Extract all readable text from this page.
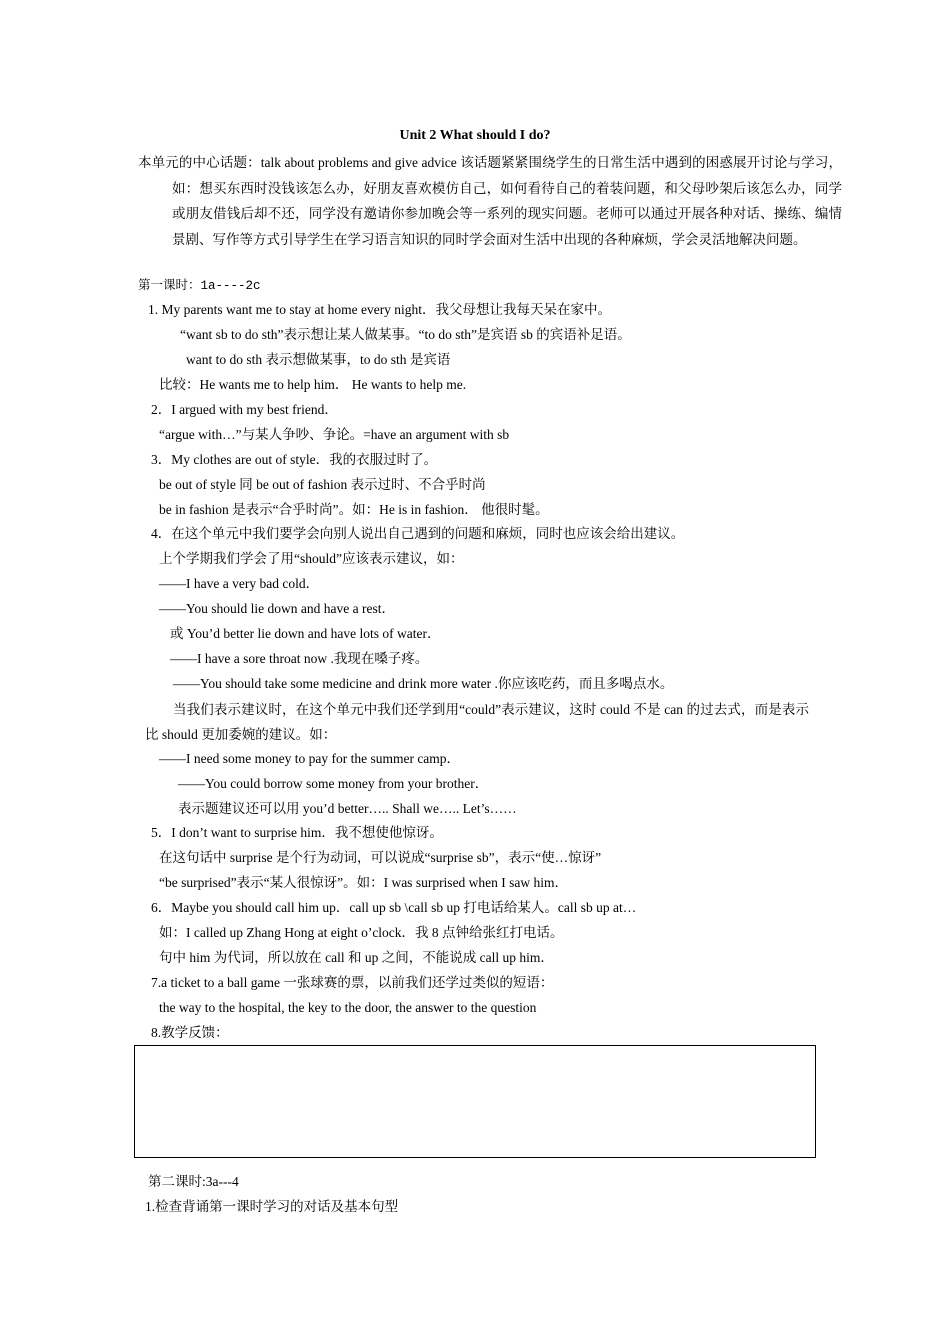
Unit 2 What should I do?
本单元的中心话题：talk about problems and give advice 该话题紧紧围绕学生的日常生活中遇到的困惑展开讨论与学习，如：想买东西时没钱该怎么办，好朋友喜欢模仿自己，如何看待自己的着装问题，和父母吵架后该怎么办，同学或朋友借钱后却不还，同学没有邀请你参加晚会等一系列的现实问题。老师可以通过开展各种对话、操练、编情景剧、写作等方式引导学生在学习语言知识的同时学会面对生活中出现的各种麻烦，学会灵活地解决问题。
第一课时：1a----2c
1. My parents want me to stay at home every night．我父母想让我每天呆在家中。
“want sb to do sth”表示想让某人做某事。“to do sth”是宾语 sb 的宾语补足语。
want to do sth 表示想做某事，to do sth 是宾语
比较：He wants me to help him． He wants to help me.
2．I argued with my best friend．
“argue with…”与某人争吵、争论。=have an argument with sb
3．My clothes are out of style．我的衣服过时了。
be out of style 同 be out of fashion 表示过时、不合乎时尚
be in fashion 是表示“合乎时尚”。如：He is in fashion． 他很时髦。
4．在这个单元中我们要学会向别人说出自己遇到的问题和麻烦，同时也应该会给出建议。
上个学期我们学会了用“should”应该表示建议，如：
——I have a very bad cold．
——You should lie down and have a rest．
或 You’d better lie down and have lots of water．
——I have a sore throat now .我现在嗓子疼。
——You should take some medicine and drink more water .你应该吃药，而且多喝点水。
当我们表示建议时，在这个单元中我们还学到用“could”表示建议，这时 could 不是 can 的过去式，而是表示比 should 更加委婉的建议。如：
——I need some money to pay for the summer camp．
——You could borrow some money from your brother．
表示题建议还可以用 you’d better….. Shall we….. Let’s……
5．I don’t want to surprise him．我不想使他惊讶。
在这句话中 surprise 是个行为动词，可以说成“surprise sb”，表示“使…惊讶”
“be surprised”表示“某人很惊讶”。如：I was surprised when I saw him．
6．Maybe you should call him up．call up sb \call sb up 打电话给某人。call sb up at…
如：I called up Zhang Hong at eight o’clock．我 8 点钟给张红打电话。
句中 him 为代词，所以放在 call 和 up 之间，不能说成 call up him．
7.a ticket to a ball game 一张球赛的票，以前我们还学过类似的短语：
the way to the hospital, the key to the door, the answer to the question
8.教学反馈：
第二课时:3a---4
1.检查背诵第一课时学习的对话及基本句型
